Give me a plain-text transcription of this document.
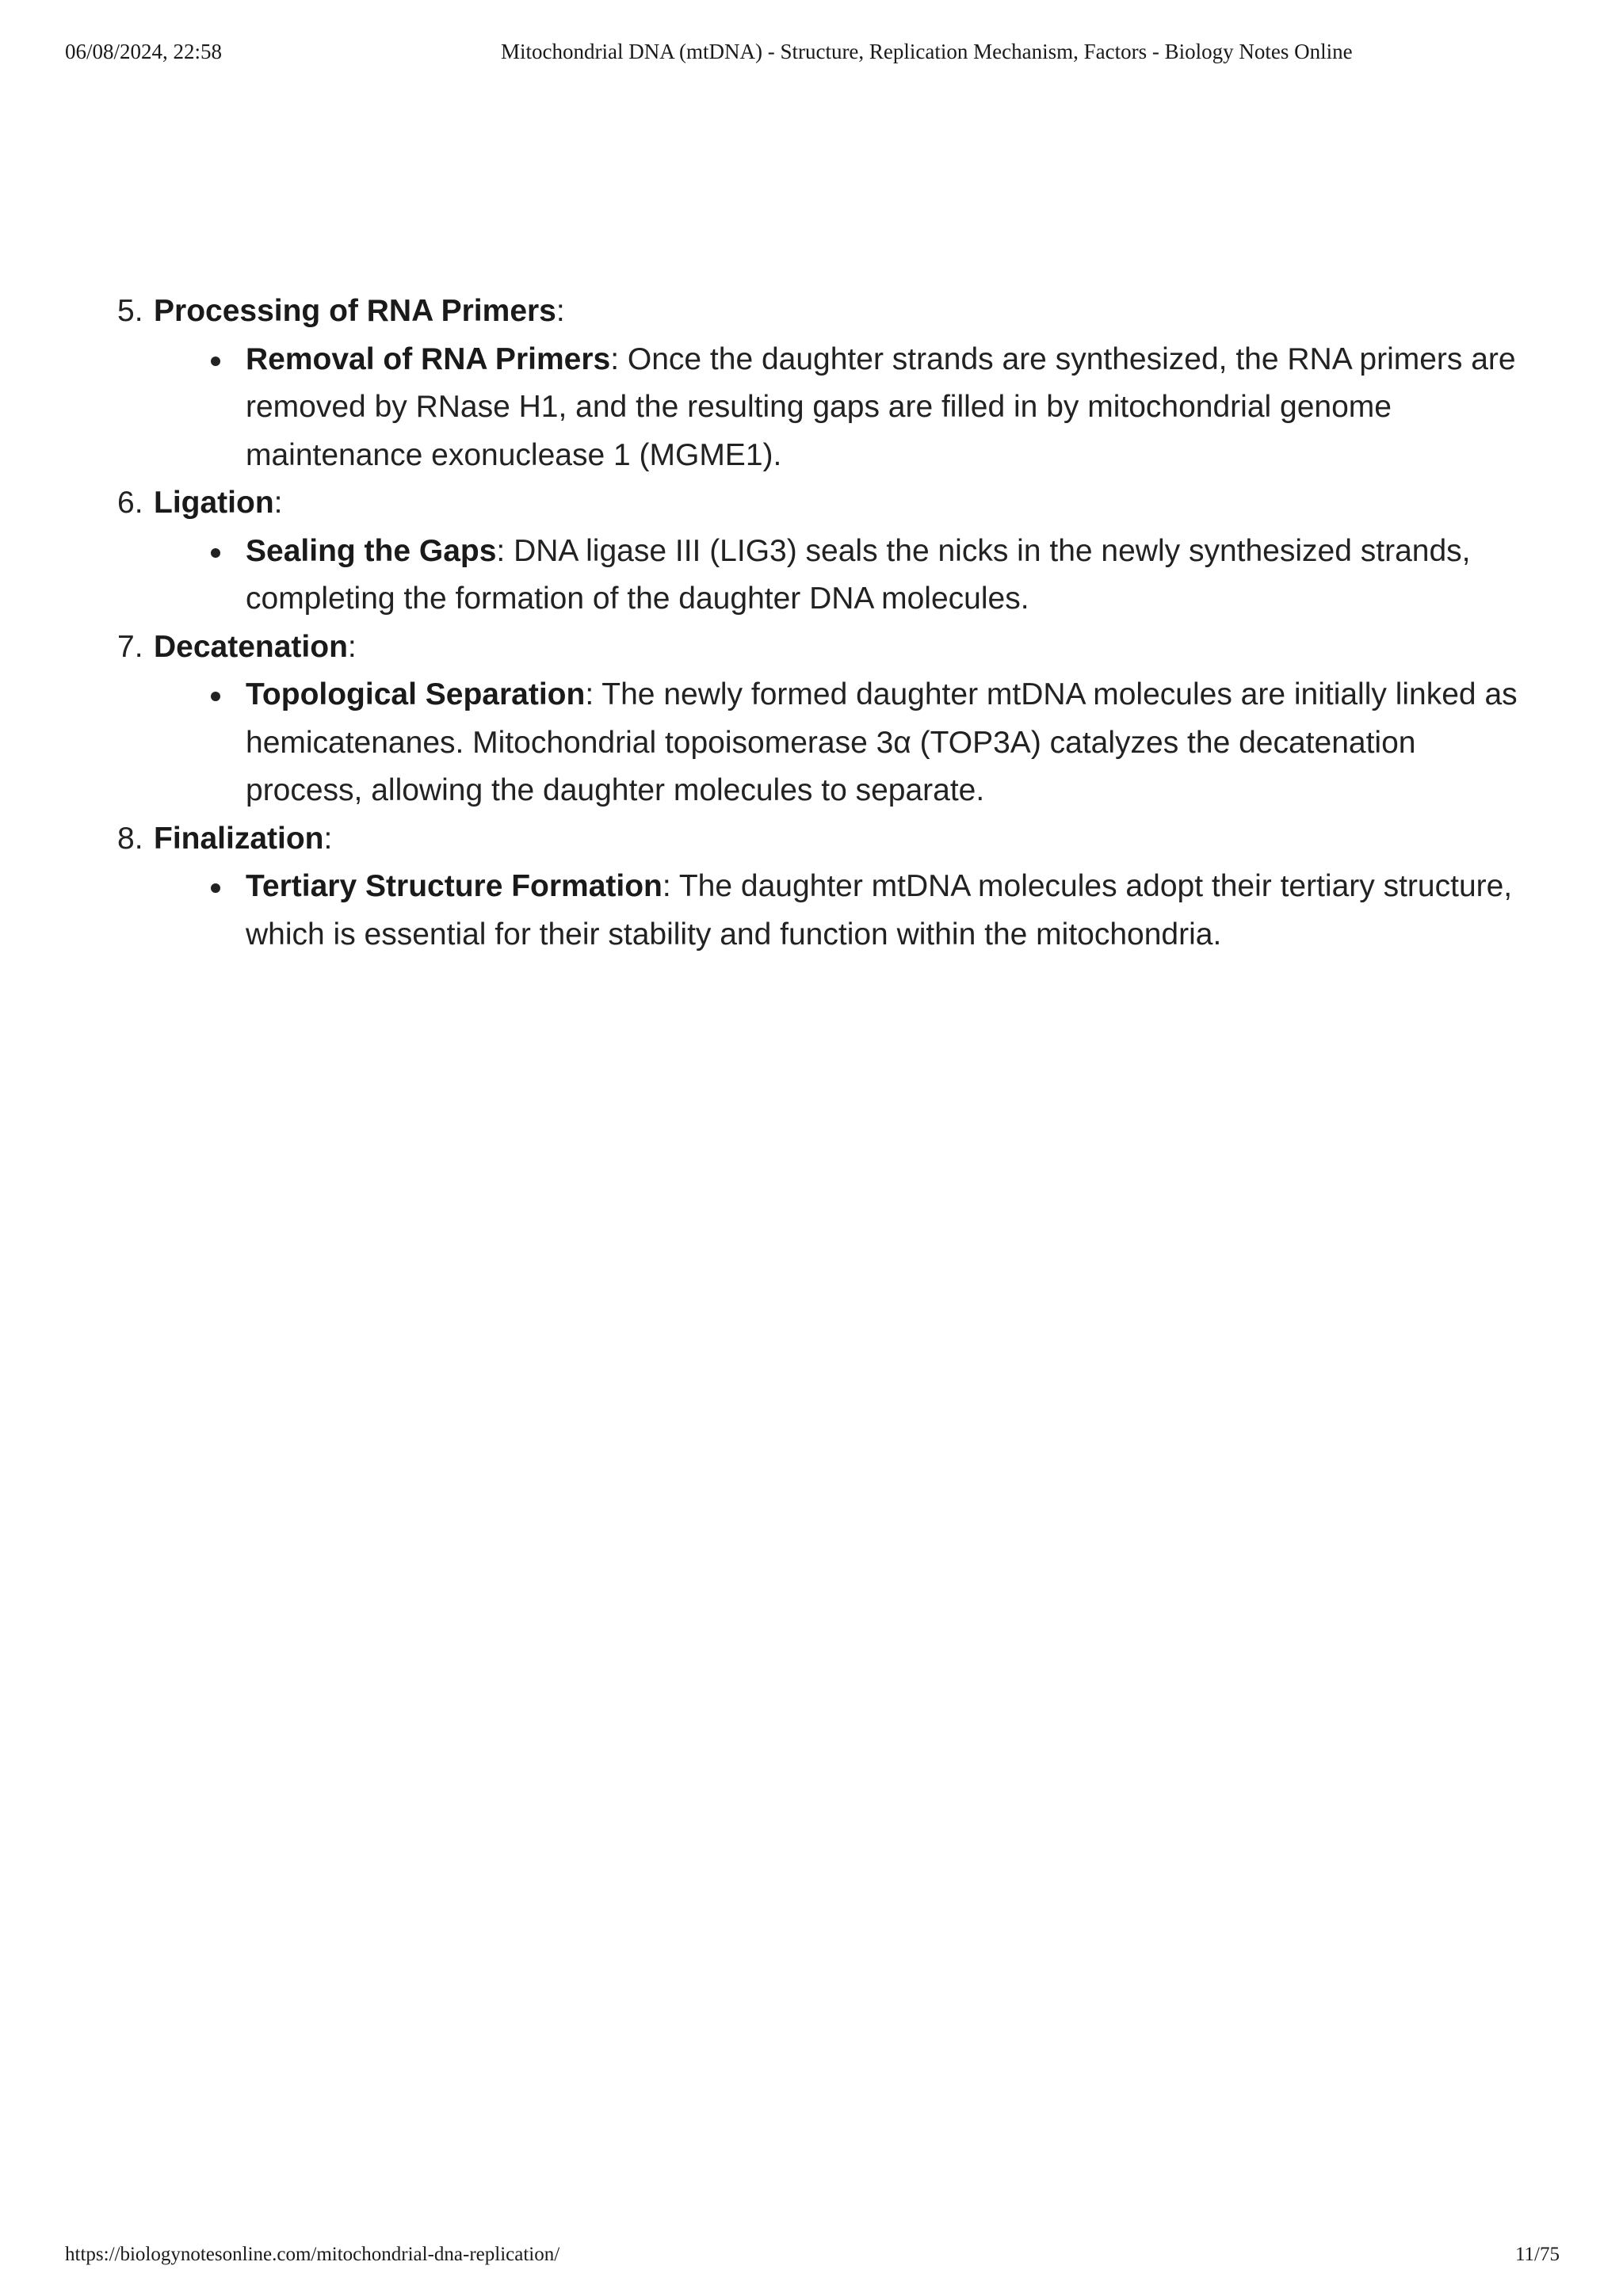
06/08/2024, 22:58	Mitochondrial DNA (mtDNA) - Structure, Replication Mechanism, Factors - Biology Notes Online
5. Processing of RNA Primers:
Removal of RNA Primers: Once the daughter strands are synthesized, the RNA primers are removed by RNase H1, and the resulting gaps are filled in by mitochondrial genome maintenance exonuclease 1 (MGME1).
6. Ligation:
Sealing the Gaps: DNA ligase III (LIG3) seals the nicks in the newly synthesized strands, completing the formation of the daughter DNA molecules.
7. Decatenation:
Topological Separation: The newly formed daughter mtDNA molecules are initially linked as hemicatenanes. Mitochondrial topoisomerase 3α (TOP3A) catalyzes the decatenation process, allowing the daughter molecules to separate.
8. Finalization:
Tertiary Structure Formation: The daughter mtDNA molecules adopt their tertiary structure, which is essential for their stability and function within the mitochondria.
https://biologynotesonline.com/mitochondrial-dna-replication/	11/75
